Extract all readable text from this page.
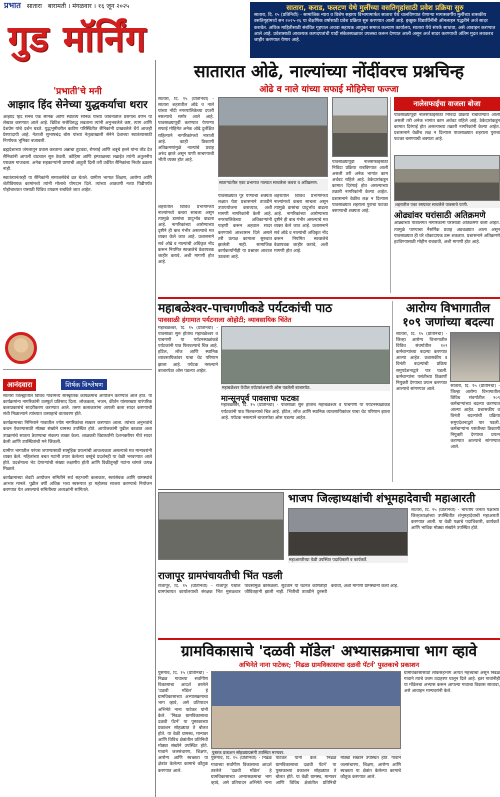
प्रभात सातारा बारामती । मंगळवार । १६ जून २०२५
गुड मॉर्निंग
सातारा, कराड, फलटण येथे मुलींच्या वसतिगृहांसाठी प्रवेश प्रक्रिया सुरु
सातारा, दि. १५ (प्रतिनिधी) - सामाजिक न्याय व विशेष सहाय्य विभागामार्फत सातारा येथे चालविण्यात येणाऱ्या मागासवर्गीय मुलींच्या शासकीय वसतिगृहांमध्ये सन २०२५-२६ या शैक्षणिक वर्षासाठी प्रवेश प्रक्रिया सुरु करण्यात आली आहे. इच्छुक विद्यार्थिनींनी ऑनलाइन पद्धतीने अर्ज सादर करावेत. अधिक माहितीसाठी संबंधित गृहपाल अथवा सहायक आयुक्त समाज कल्याण कार्यालय, सातारा येथे संपर्क साधावा, असे आवाहन करण्यात आले आहे. प्रवेशासाठी आवश्यक कागदपत्रांची यादी संकेतस्थळावर उपलब्ध करून देण्यात आली असून अर्ज सादर करण्याची अंतिम मुदत लवकरच जाहीर करण्यात येणार आहे.
'प्रभाती'चे मनी
आझाद हिंद सेनेच्या युद्धकर्याचा थरार

आझाद हिंद सेनेचे एक सैनिक आणि स्वातंत्र्य सैनिक यांच्या जीवनातील प्रसंगांचे वर्णन या लेखात करण्यात आले आहे. ब्रिटिश सत्तेविरुद्ध लढताना त्यांनी अनुभवलेले कष्ट, त्याग आणि देशप्रेम यांचे दर्शन घडते. युद्धभूमीवरील कठीण परिस्थितीत सैनिकांनी दाखवलेले धैर्य आजही प्रेरणादायी आहे. नेताजी सुभाषचंद्र बोस यांच्या नेतृत्वाखाली सेनेने देशाच्या स्वातंत्र्यासाठी निर्णायक भूमिका बजावली.

ब्रह्मदेशाच्या जंगलातून प्रवास करताना अन्नाचा तुटवडा, रोगराई आणि शत्रूचे हल्ले यांना तोंड देत सैनिकांनी आपली वाटचाल सुरु ठेवली. कोहिमा आणि इम्फाळच्या लढाईत त्यांनी अतुलनीय पराक्रम गाजवला. अनेक सहकाऱ्यांनी प्राणाची आहुती दिली तरी उर्वरित सैनिकांचा निर्धार ढळला नाही.

स्वातंत्र्यानंतरही या सैनिकांनी समाजसेवेचे व्रत घेतले. ग्रामीण भागात शिक्षण, आरोग्य आणि शेतीविषयक कामांमध्ये त्यांनी मोलाचे योगदान दिले. त्यांच्या आठवणी नव्या पिढीपर्यंत पोहोचाव्यात यासाठी विविध उपक्रम राबविले जात आहेत.

आनंदवारा	शिर्षक विश्लेषण

सातारा जिल्ह्यातील विविध गावांमध्ये सांस्कृतिक कार्यक्रमांचे आयोजन करण्यात आले होते. या कार्यक्रमांना नागरिकांनी उत्स्फूर्त प्रतिसाद दिला. लोककला, भजन, कीर्तन यांसारख्या पारंपरिक कलाप्रकारांचे सादरीकरण करण्यात आले. तरुण कलाकारांना आपली कला सादर करण्याची संधी मिळाल्याने त्यांच्यात उत्साहाचे वातावरण होते.

कार्यक्रमाच्या निमित्ताने गावातील ज्येष्ठ नागरिकांचा सत्कार करण्यात आला. त्यांच्या अनुभवांचे कथन ऐकण्यासाठी मोठ्या संख्येने ग्रामस्थ उपस्थित होते. आयोजकांनी पुढील काळात अशा उपक्रमांचे सातत्य ठेवण्याचा संकल्प व्यक्त केला. शाळकरी विद्यार्थ्यांनी देशभक्तीपर गीते सादर केली आणि उपस्थितांची मने जिंकली.

ग्रामीण भागातील परंपरा जपण्यासाठी सामूहिक प्रयत्नांची आवश्यकता असल्याचे मत मान्यवरांनी व्यक्त केले. महिलांच्या बचत गटांनी तयार केलेल्या वस्तूंचे प्रदर्शनही या वेळी भरवण्यात आले होते. प्रदर्शनाला भेट देणाऱ्यांची संख्या लक्षणीय होती आणि विक्रीतूनही गटांना चांगले उत्पन्न मिळाले.

कार्यक्रमाच्या शेवटी आयोजन समितीने सर्व सहभागी कलाकार, स्वयंसेवक आणि ग्रामस्थांचे आभार मानले. पुढील वर्षी अधिक भव्य स्वरूपात हा महोत्सव साजरा करण्याचे नियोजन करण्यात येत असल्याचे समितीच्या अध्यक्षांनी सांगितले.

सातारात ओढे, नाल्यांच्या नोंदींवरच प्रश्नचिन्ह
ओढे व नाले यांच्या सफाई मोहिमेचा फज्जा
सातारा, दि. १५ (प्रतिनिधी) - सातारा शहरातील ओढे व नाले यांच्या नोंदी नगरपालिकेच्या दप्तरी नसल्याचे समोर आले आहे. पावसाळ्यापूर्वी करण्यात येणाऱ्या सफाई मोहिमेत अनेक ओढे दुर्लक्षित राहिल्याने नागरिकांमध्ये नाराजी आहे. काही ठिकाणी अतिक्रमणांमुळे नाल्यांचे प्रवाह अरुंद झाले असून पाणी साचण्याची भीती व्यक्त होत आहे.
साताऱ्यातील एका प्रभागात नाल्यात साचलेला कचरा व अतिक्रमण.
पावसाळ्यात पूर येण्याची शक्यता लक्षात घेता प्रशासनाने तातडीने उपाययोजना कराव्यात, अशी मागणी नागरिकांनी केली आहे. नगरपालिकेच्या अधिकाऱ्यांनी पाहणी करून अहवाल सादर करण्याचे आश्वासन दिले असले तरी प्रत्यक्ष कामाला सुरुवात झालेली नाही. सामाजिक कार्यकर्त्यांनीही या प्रश्नावर आवाज उठवला आहे.
शहरातील विविध प्रभागांमध्ये नाल्यांमध्ये कचरा साचला असून त्यामुळे डासांचा प्रादुर्भाव वाढला आहे. नागरिकांच्या आरोग्याच्या दृष्टीने ही बाब गंभीर असल्याचे मत व्यक्त केले जात आहे. प्रशासनाने सर्व ओढे व नाल्यांची अधिकृत नोंद करून नियमित स्वच्छतेचे वेळापत्रक जाहीर करावे, अशी मागणी होत आहे.
शहरातील विविध प्रभागांमध्ये नाल्यांमध्ये कचरा साचला असून त्यामुळे डासांचा प्रादुर्भाव वाढला आहे. नागरिकांच्या आरोग्याच्या दृष्टीने ही बाब गंभीर असल्याचे मत व्यक्त केले जात आहे. प्रशासनाने सर्व ओढे व नाल्यांची अधिकृत नोंद करून नियमित स्वच्छतेचे वेळापत्रक जाहीर करावे, अशी मागणी होत आहे.
पावसाळ्यापूर्वी नालेसफाईसाठी निविदा प्रक्रिया राबविण्यात आली असली तरी अनेक भागांत काम अर्धवट राहिले आहे. ठेकेदारांकडून कामात दिरंगाई होत असल्याच्या तक्रारी नागरिकांनी केल्या आहेत. प्रशासनाने वेळीच लक्ष न दिल्यास पावसाळ्यात शहराला पुराचा फटका बसण्याची शक्यता आहे.
नालेसफाईचा वाजला बोजा
पावसाळ्यापूर्वी नालेसफाईसाठी निविदा प्रक्रिया राबविण्यात आली असली तरी अनेक भागांत काम अर्धवट राहिले आहे. ठेकेदारांकडून कामात दिरंगाई होत असल्याच्या तक्रारी नागरिकांनी केल्या आहेत. प्रशासनाने वेळीच लक्ष न दिल्यास पावसाळ्यात शहराला पुराचा फटका बसण्याची शक्यता आहे.
शहरातील एका रस्त्यावर साचलेले पावसाचे पाणी.
ओढ्यांवर घरांसाठी अतिक्रमणे
ओढ्यांच्या पात्रालगत नागरिकांनी घरांसाठी अतिक्रमणे केली आहेत. त्यामुळे पाण्याचा नैसर्गिक प्रवाह अडथळ्यात आला असून पावसाळ्यात ही घरे धोकादायक ठरू शकतात. प्रशासनाने अतिक्रमणे हटविण्यासाठी मोहीम राबवावी, अशी मागणी होत आहे.
महाबळेश्वर-पाचगणीकडे पर्यटकांची पाठ
पावसाळी हंगामात पर्यटनाला ओहोटी; व्यावसायिक चिंतेत
महाबळेश्वर, दि. १५ (प्रतिनिधी) - पावसाळा सुरु होताच महाबळेश्वर व पाचगणी या पर्यटनस्थळांकडे पर्यटकांनी पाठ फिरवल्याचे चित्र आहे. हॉटेल, लॉज आणि स्थानिक व्यावसायिकांवर याचा थेट परिणाम झाला आहे. पर्यटक नसल्याने बाजारपेठा ओस पडल्या आहेत.
महाबळेश्वर येथील पर्यटकांअभावी ओस पडलेली बाजारपेठ.
मान्सूनपूर्व पावसाचा फटका
महाबळेश्वर, दि. १५ (प्रतिनिधी) - पावसाळा सुरु होताच महाबळेश्वर व पाचगणी या पर्यटनस्थळांकडे पर्यटकांनी पाठ फिरवल्याचे चित्र आहे. हॉटेल, लॉज आणि स्थानिक व्यावसायिकांवर याचा थेट परिणाम झाला आहे. पर्यटक नसल्याने बाजारपेठा ओस पडल्या आहेत.
आरोग्य विभागातील १०९ जणांच्या बदल्या
सातारा, दि. १५ (प्रतिनिधी) - जिल्हा आरोग्य विभागातील विविध संवर्गातील १०९ कर्मचाऱ्यांच्या बदल्या करण्यात आल्या आहेत. प्रशासकीय व विनंती बदल्यांची प्रक्रिया समुपदेशनाद्वारे पार पडली. कर्मचाऱ्यांना पसंतीच्या ठिकाणी नियुक्ती देण्याचा प्रयत्न करण्यात आल्याचे सांगण्यात आले.
सातारा, दि. १५ (प्रतिनिधी) - जिल्हा आरोग्य विभागातील विविध संवर्गातील १०९ कर्मचाऱ्यांच्या बदल्या करण्यात आल्या आहेत. प्रशासकीय व विनंती बदल्यांची प्रक्रिया समुपदेशनाद्वारे पार पडली. कर्मचाऱ्यांना पसंतीच्या ठिकाणी नियुक्ती देण्याचा प्रयत्न करण्यात आल्याचे सांगण्यात आले.
भाजप जिल्हाध्यक्षांची शंभूमहादेवाची महाआरती
महाआरतीच्या वेळी उपस्थित पदाधिकारी व कार्यकर्ते.
सातारा, दि. १५ (प्रतिनिधी) - भारतीय जनता पक्षाच्या जिल्हाध्यक्षांच्या उपस्थितीत शंभूमहादेवाची महाआरती करण्यात आली. या वेळी पक्षाचे पदाधिकारी, कार्यकर्ते आणि भाविक मोठ्या संख्येने उपस्थित होते.
राजापूर ग्रामपंचायतीची भिंत पडली
राजापूर, दि. १५ (प्रतिनिधी) - राजापूर येथील ग्रामपंचायत कार्यालयाची संरक्षक भिंत मुसळधार पावसामुळे कोसळली. सुदैवाने या घटनेत कोणतीही जीवितहानी झाली नाही. भिंतीची तातडीने दुरुस्ती करावी, अशी मागणी ग्रामस्थांनी केली आहे.
ग्रामविकासाचे 'दळवी मॉडेल' अभ्यासक्रमाचा भाग व्हावे
अभिनेते नाना पाटेकर; 'निढळ ग्रामविकासाचा दळवी पॅटर्न' पुस्तकाचे प्रकाशन
पुसेगाव, दि. १५ (प्रतिनिधी) - निढळ गावाच्या सर्वांगीण विकासाचा आदर्श ठरलेले 'दळवी मॉडेल' हे ग्रामविकासाच्या अभ्यासक्रमाचा भाग व्हावे, असे प्रतिपादन अभिनेते नाना पाटेकर यांनी केले. 'निढळ ग्रामविकासाचा दळवी पॅटर्न' या पुस्तकाच्या प्रकाशन सोहळ्यात ते बोलत होते. या वेळी ग्रामस्थ, मान्यवर आणि विविध क्षेत्रांतील प्रतिनिधी मोठ्या संख्येने उपस्थित होते. गावाने जलसंधारण, शिक्षण, आरोग्य आणि स्वच्छता या क्षेत्रांत केलेल्या कामाचे कौतुक करण्यात आले.
पुस्तक प्रकाशन सोहळ्याप्रसंगी उपस्थित मान्यवर.
पुसेगाव, दि. १५ (प्रतिनिधी) - निढळ गावाच्या सर्वांगीण विकासाचा आदर्श ठरलेले 'दळवी मॉडेल' हे ग्रामविकासाच्या अभ्यासक्रमाचा भाग व्हावे, असे प्रतिपादन अभिनेते नाना पाटेकर यांनी केले. 'निढळ ग्रामविकासाचा दळवी पॅटर्न' या पुस्तकाच्या प्रकाशन सोहळ्यात ते बोलत होते. या वेळी ग्रामस्थ, मान्यवर आणि विविध क्षेत्रांतील प्रतिनिधी मोठ्या संख्येने उपस्थित होते. गावाने जलसंधारण, शिक्षण, आरोग्य आणि स्वच्छता या क्षेत्रांत केलेल्या कामाचे कौतुक करण्यात आले.
ग्रामविकासासाठी लोकसहभाग अत्यंत महत्त्वाचा असून निढळ गावाने त्याचे उत्तम उदाहरण घालून दिले आहे. इतर गावांनीही या मॉडेलचा अभ्यास करून आपल्या गावाचा विकास साधावा, असे आवाहन मान्यवरांनी केले.
